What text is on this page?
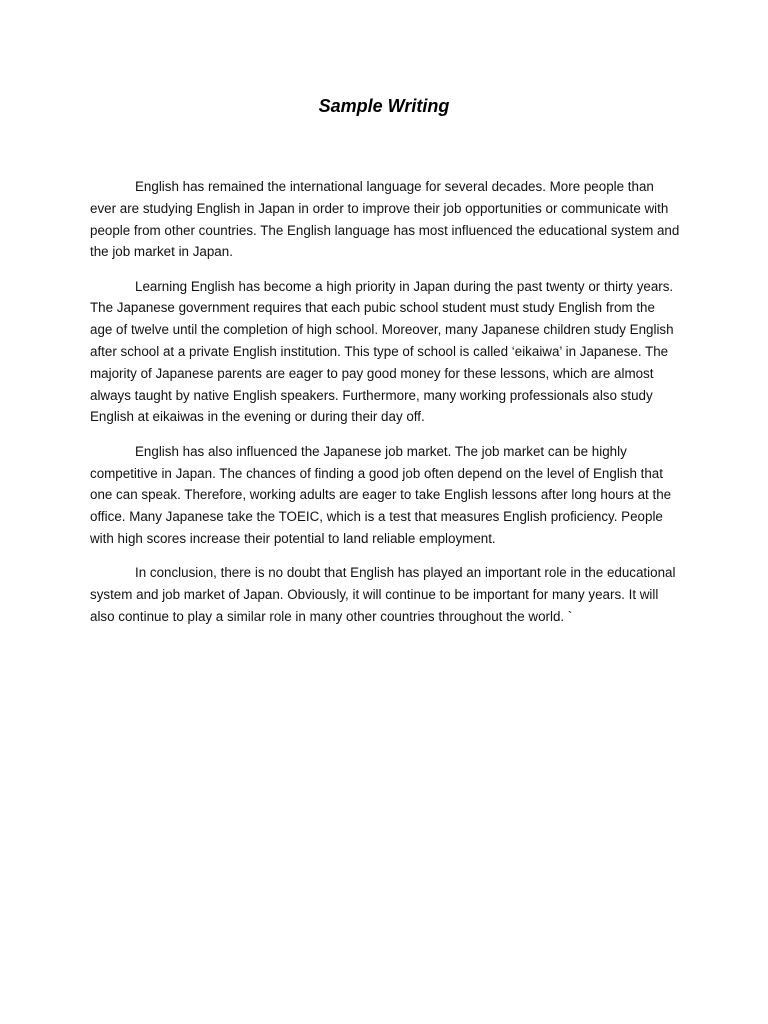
Sample Writing

English has remained the international language for several decades. More people than ever are studying English in Japan in order to improve their job opportunities or communicate with people from other countries. The English language has most influenced the educational system and the job market in Japan.

Learning English has become a high priority in Japan during the past twenty or thirty years. The Japanese government requires that each pubic school student must study English from the age of twelve until the completion of high school. Moreover, many Japanese children study English after school at a private English institution. This type of school is called ‘eikaiwa’ in Japanese. The majority of Japanese parents are eager to pay good money for these lessons, which are almost always taught by native English speakers. Furthermore, many working professionals also study English at eikaiwas in the evening or during their day off.

English has also influenced the Japanese job market. The job market can be highly competitive in Japan. The chances of finding a good job often depend on the level of English that one can speak. Therefore, working adults are eager to take English lessons after long hours at the office. Many Japanese take the TOEIC, which is a test that measures English proficiency. People with high scores increase their potential to land reliable employment.

In conclusion, there is no doubt that English has played an important role in the educational system and job market of Japan. Obviously, it will continue to be important for many years. It will also continue to play a similar role in many other countries throughout the world. `
